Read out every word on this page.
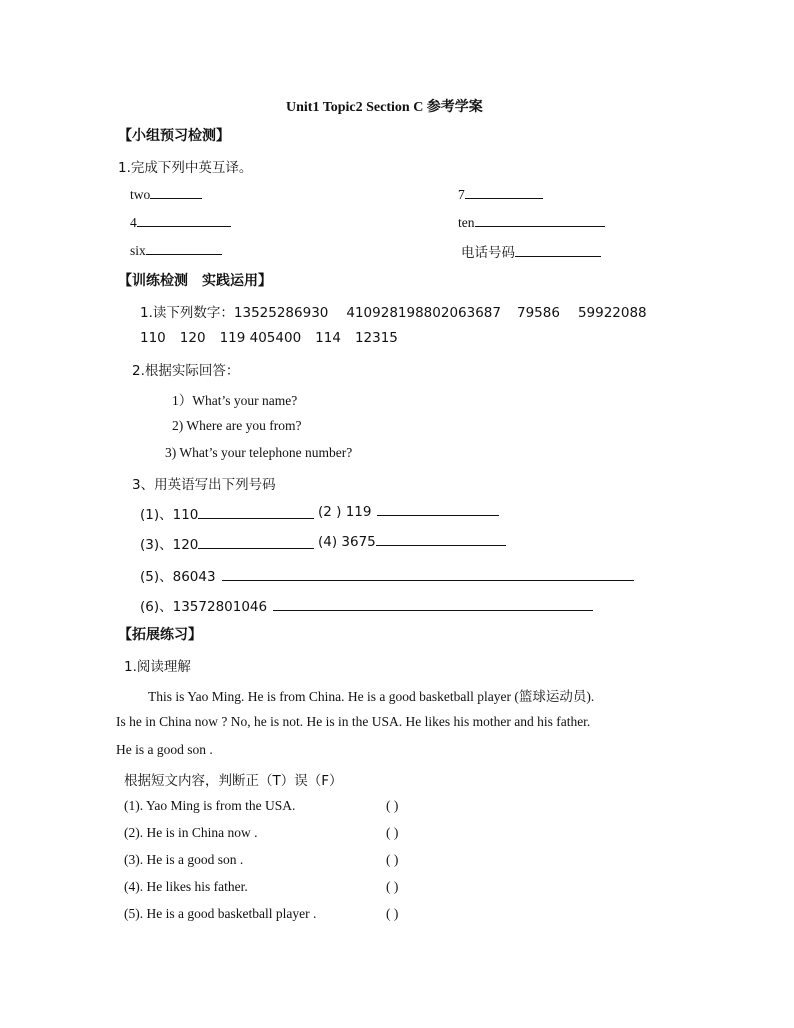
Unit1 Topic2 Section C 参考学案
【小组预习检测】
1.完成下列中英互译。
two	7
4	ten
six	电话号码
【训练检测　实践运用】
1.读下列数字：13525286930 410928198802063687 79586 59922088
110 120 119 405400 114 12315
2.根据实际回答：
1）What’s your name?
2) Where are you from?
3) What’s your telephone number?
3、用英语写出下列号码
(1)、110	(2 ) 119
(3)、120	(4) 3675
(5)、86043
(6)、13572801046
【拓展练习】
1.阅读理解
This is Yao Ming. He is from China. He is a good basketball player (篮球运动员).
Is he in China now ? No, he is not. He is in the USA. He likes his mother and his father.
He is a good son .
根据短文内容，判断正（T）误（F）
(1). Yao Ming is from the USA.	( )
(2). He is in China now .	( )
(3). He is a good son .	( )
(4). He likes his father.	( )
(5). He is a good basketball player .	( )
